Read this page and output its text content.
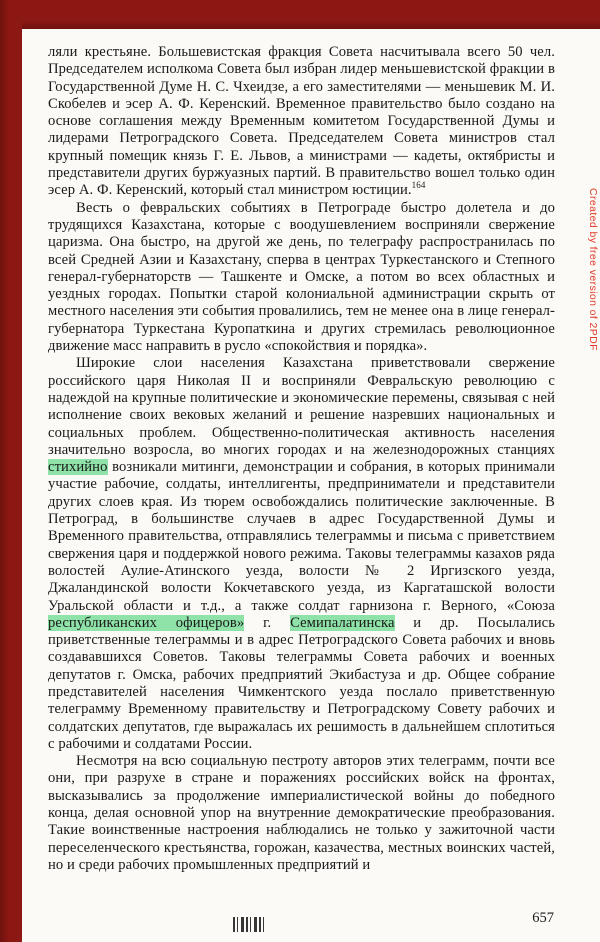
ляли крестьяне. Большевистская фракция Совета насчитывала всего 50 чел. Председателем исполкома Совета был избран лидер меньшевистской фракции в Государственной Думе Н. С. Чхеидзе, а его заместителями — меньшевик М. И. Скобелев и эсер А. Ф. Керенский. Временное правительство было создано на основе соглашения между Временным комитетом Государственной Думы и лидерами Петроградского Совета. Председателем Совета министров стал крупный помещик князь Г. Е. Львов, а министрами — кадеты, октябристы и представители других буржуазных партий. В правительство вошел только один эсер А. Ф. Керенский, который стал министром юстиции.$^{164}$

Весть о февральских событиях в Петрограде быстро долетела и до трудящихся Казахстана, которые с воодушевлением восприняли свержение царизма. Она быстро, на другой же день, по телеграфу распространилась по всей Средней Азии и Казахстану, сперва в центрах Туркестанского и Степного генерал-губернаторств — Ташкенте и Омске, а потом во всех областных и уездных городах. Попытки старой колониальной администрации скрыть от местного населения эти события провалились, тем не менее она в лице генерал-губернатора Туркестана Куропаткина и других стремилась революционное движение масс направить в русло «спокойствия и порядка».

Широкие слои населения Казахстана приветствовали свержение российского царя Николая II и восприняли Февральскую революцию с надеждой на крупные политические и экономические перемены, связывая с ней исполнение своих вековых желаний и решение назревших национальных и социальных проблем. Общественно-политическая активность населения значительно возросла, во многих городах и на железнодорожных станциях стихийно возникали митинги, демонстрации и собрания, в которых принимали участие рабочие, солдаты, интеллигенты, предприниматели и представители других слоев края. Из тюрем освобождались политические заключенные. В Петроград, в большинстве случаев в адрес Государственной Думы и Временного правительства, отправлялись телеграммы и письма с приветствием свержения царя и поддержкой нового режима. Таковы телеграммы казахов ряда волостей Аулие-Атинского уезда, волости № 2 Иргизского уезда, Джаландинской волости Кокчетавского уезда, из Каргаташской волости Уральской области и т.д., а также солдат гарнизона г. Верного, «Союза республиканских офицеров» г. Семипалатинска и др. Посылались приветственные телеграммы и в адрес Петроградского Совета рабочих и вновь создававшихся Советов. Таковы телеграммы Совета рабочих и военных депутатов г. Омска, рабочих предприятий Экибастуза и др. Общее собрание представителей населения Чимкентского уезда послало приветственную телеграмму Временному правительству и Петроградскому Совету рабочих и солдатских депутатов, где выражалась их решимость в дальнейшем сплотиться с рабочими и солдатами России.

Несмотря на всю социальную пестроту авторов этих телеграмм, почти все они, при разрухе в стране и поражениях российских войск на фронтах, высказывались за продолжение империалистической войны до победного конца, делая основной упор на внутренние демократические преобразования. Такие воинственные настроения наблюдались не только у зажиточной части переселенческого крестьянства, горожан, казачества, местных воинских частей, но и среди рабочих промышленных предприятий и

Created by free version of 2PDF
657
